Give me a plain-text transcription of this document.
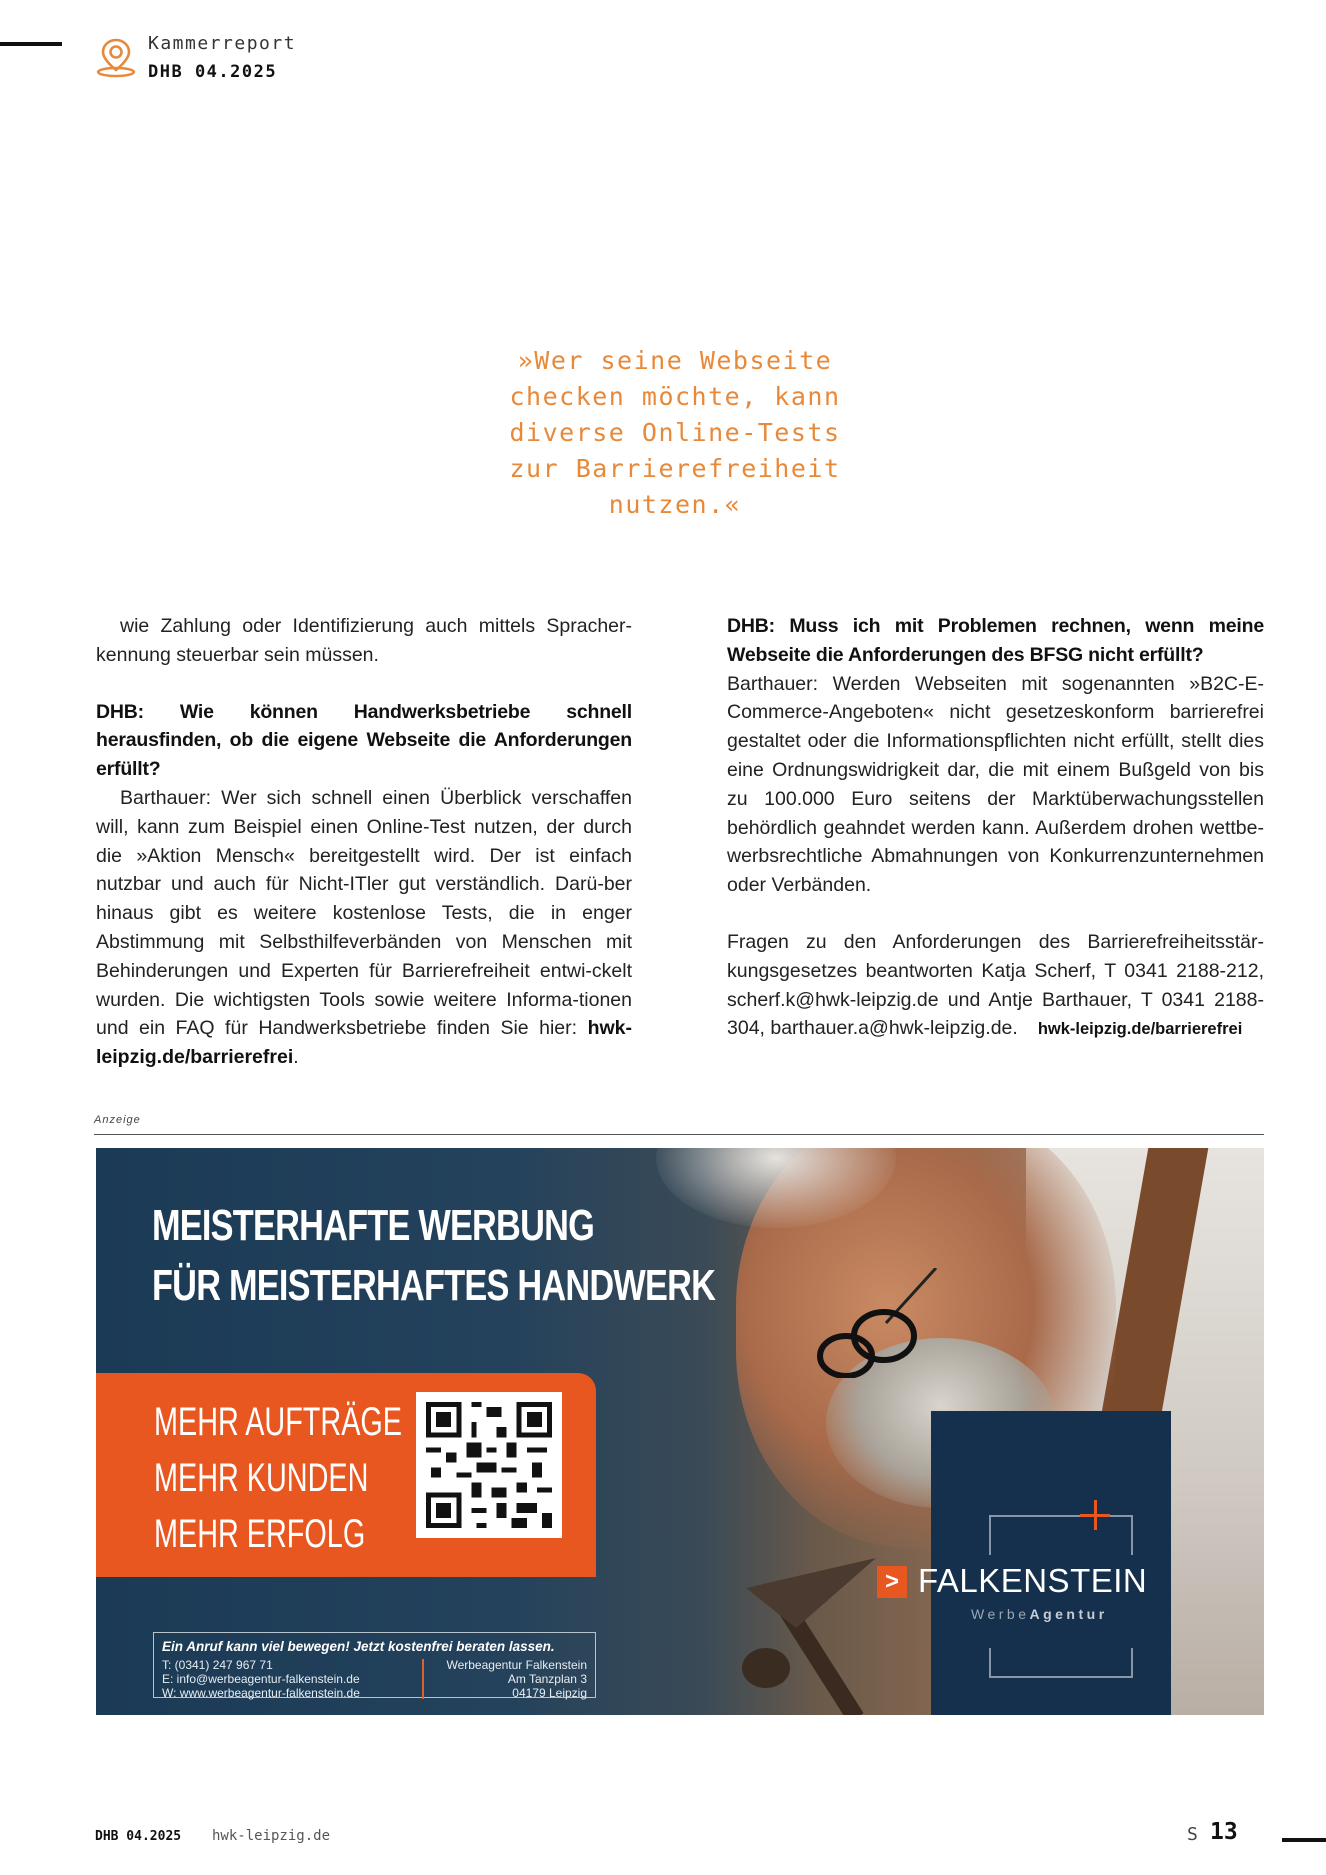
Kammerreport
DHB 04.2025
»Wer seine Webseite
checken möchte, kann
diverse Online-Tests
zur Barrierefreiheit
nutzen.«

wie Zahlung oder Identifizierung auch mittels Spracher-kennung steuerbar sein müssen.

DHB: Wie können Handwerksbetriebe schnell herausfinden, ob die eigene Webseite die Anforderungen erfüllt?

Barthauer: Wer sich schnell einen Überblick verschaffen will, kann zum Beispiel einen Online-Test nutzen, der durch die »Aktion Mensch« bereitgestellt wird. Der ist einfach nutzbar und auch für Nicht-ITler gut verständlich. Darü-ber hinaus gibt es weitere kostenlose Tests, die in enger Abstimmung mit Selbsthilfeverbänden von Menschen mit Behinderungen und Experten für Barrierefreiheit entwi-ckelt wurden. Die wichtigsten Tools sowie weitere Informa-tionen und ein FAQ für Handwerksbetriebe finden Sie hier: hwk-leipzig.de/barrierefrei.

DHB: Muss ich mit Problemen rechnen, wenn meine Webseite die Anforderungen des BFSG nicht erfüllt?

Barthauer: Werden Webseiten mit sogenannten »B2C-E-Commerce-Angeboten« nicht gesetzeskonform barrierefrei gestaltet oder die Informationspflichten nicht erfüllt, stellt dies eine Ordnungswidrigkeit dar, die mit einem Bußgeld von bis zu 100.000 Euro seitens der Marktüberwachungsstellen behördlich geahndet werden kann. Außerdem drohen wettbe-werbsrechtliche Abmahnungen von Konkurrenzunternehmen oder Verbänden.

Fragen zu den Anforderungen des Barrierefreiheitsstär-kungsgesetzes beantworten Katja Scherf, T 0341 2188-212, scherf.k@hwk-leipzig.de und Antje Barthauer, T 0341 2188-304, barthauer.a@hwk-leipzig.de. hwk-leipzig.de/barrierefrei

Anzeige
MEISTERHAFTE WERBUNG
FÜR MEISTERHAFTES HANDWERK
MEHR AUFTRÄGE
MEHR KUNDEN
MEHR ERFOLG
Ein Anruf kann viel bewegen! Jetzt kostenfrei beraten lassen.
T: (0341) 247 967 71
E: info@werbeagentur-falkenstein.de
W: www.werbeagentur-falkenstein.de
Werbeagentur Falkenstein
Am Tanzplan 3
04179 Leipzig
> FALKENSTEIN
WerbeAgentur
DHB 04.2025 hwk-leipzig.de	S 13
